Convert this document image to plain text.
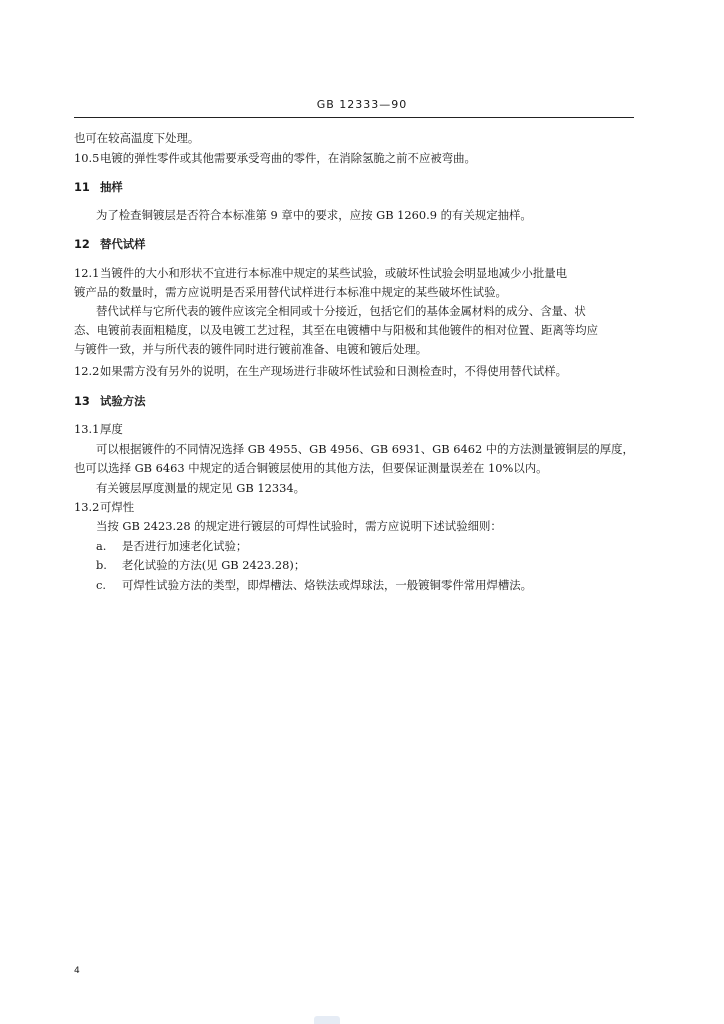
GB 12333—90
也可在较高温度下处理。
10.5电镀的弹性零件或其他需要承受弯曲的零件，在消除氢脆之前不应被弯曲。
11 抽样
为了检查铜镀层是否符合本标准第 9 章中的要求，应按 GB 1260.9 的有关规定抽样。
12 替代试样
12.1当镀件的大小和形状不宜进行本标准中规定的某些试验，或破坏性试验会明显地减少小批量电
镀产品的数量时，需方应说明是否采用替代试样进行本标准中规定的某些破坏性试验。
替代试样与它所代表的镀件应该完全相同或十分接近，包括它们的基体金属材料的成分、含量、状
态、电镀前表面粗糙度，以及电镀工艺过程，其至在电镀槽中与阳极和其他镀件的相对位置、距离等均应
与镀件一致，并与所代表的镀件同时进行镀前准备、电镀和镀后处理。
12.2如果需方没有另外的说明，在生产现场进行非破坏性试验和日测检查时，不得使用替代试样。
13 试验方法
13.1厚度
可以根据镀件的不同情况选择 GB 4955、GB 4956、GB 6931、GB 6462 中的方法测量镀铜层的厚度，
也可以选择 GB 6463 中规定的适合铜镀层使用的其他方法，但要保证测量误差在 10%以内。
有关镀层厚度测量的规定见 GB 12334。
13.2可焊性
当按 GB 2423.28 的规定进行镀层的可焊性试验时，需方应说明下述试验细则：
a. 是否进行加速老化试验；
b. 老化试验的方法(见 GB 2423.28)；
c. 可焊性试验方法的类型，即焊槽法、烙铁法或焊球法，一般镀铜零件常用焊槽法。
4
